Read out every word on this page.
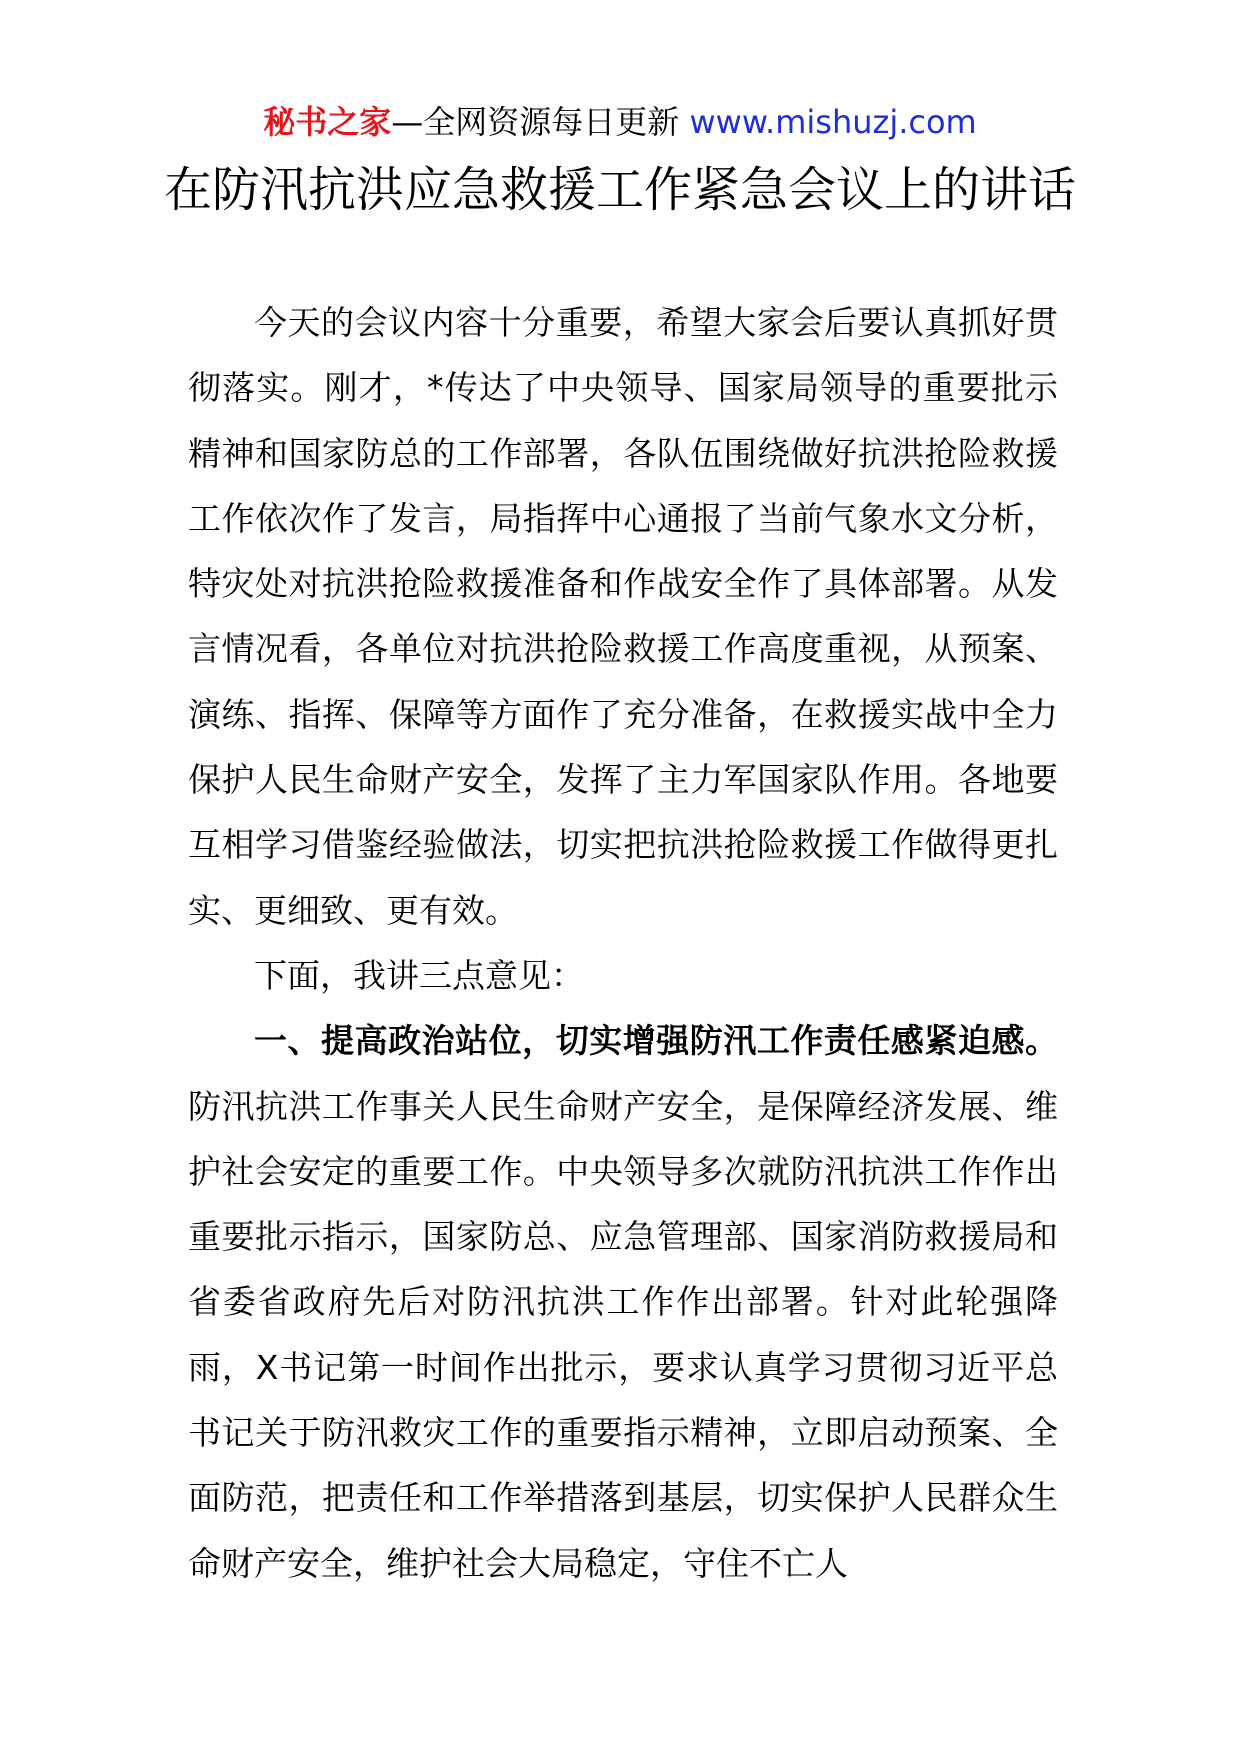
秘书之家—全网资源每日更新 www.mishuzj.com
在防汛抗洪应急救援工作紧急会议上的讲话

今天的会议内容十分重要，希望大家会后要认真抓好贯彻落实。刚才，*传达了中央领导、国家局领导的重要批示精神和国家防总的工作部署，各队伍围绕做好抗洪抢险救援工作依次作了发言，局指挥中心通报了当前气象水文分析，特灾处对抗洪抢险救援准备和作战安全作了具体部署。从发言情况看，各单位对抗洪抢险救援工作高度重视，从预案、演练、指挥、保障等方面作了充分准备，在救援实战中全力保护人民生命财产安全，发挥了主力军国家队作用。各地要互相学习借鉴经验做法，切实把抗洪抢险救援工作做得更扎实、更细致、更有效。

下面，我讲三点意见：

一、提高政治站位，切实增强防汛工作责任感紧迫感。防汛抗洪工作事关人民生命财产安全，是保障经济发展、维护社会安定的重要工作。中央领导多次就防汛抗洪工作作出重要批示指示，国家防总、应急管理部、国家消防救援局和省委省政府先后对防汛抗洪工作作出部署。针对此轮强降雨，X书记第一时间作出批示，要求认真学习贯彻习近平总书记关于防汛救灾工作的重要指示精神，立即启动预案、全面防范，把责任和工作举措落到基层，切实保护人民群众生命财产安全，维护社会大局稳定，守住不亡人
